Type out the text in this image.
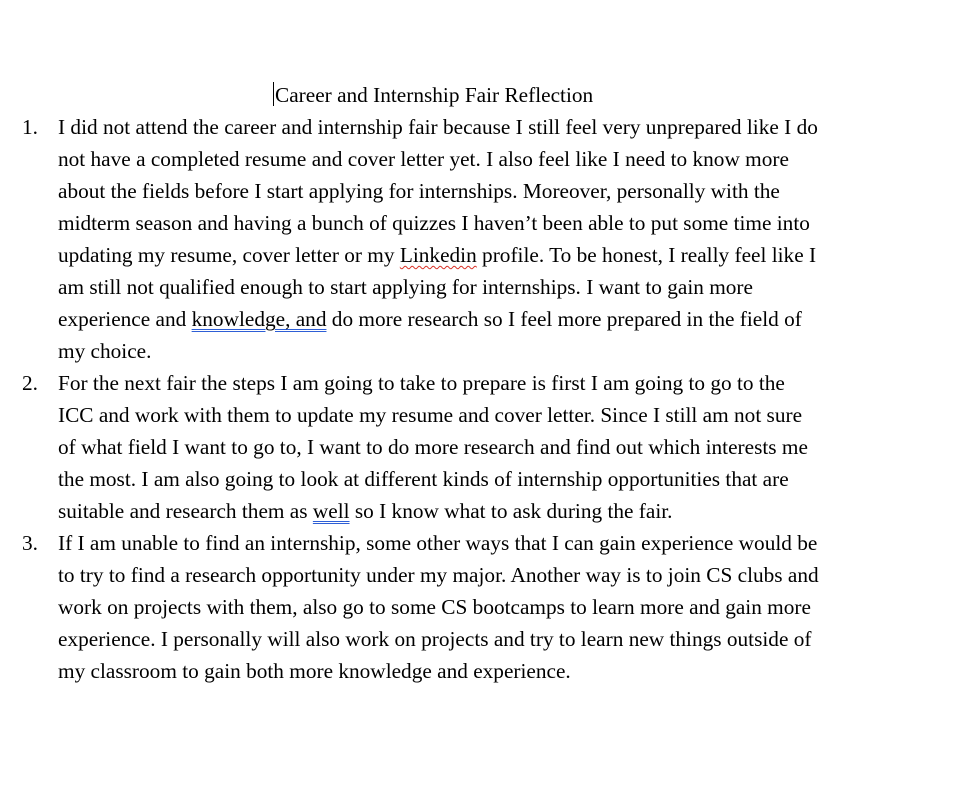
Career and Internship Fair Reflection
1. I did not attend the career and internship fair because I still feel very unprepared like I do
not have a completed resume and cover letter yet. I also feel like I need to know more
about the fields before I start applying for internships. Moreover, personally with the
midterm season and having a bunch of quizzes I haven’t been able to put some time into
updating my resume, cover letter or my Linkedin profile. To be honest, I really feel like I
am still not qualified enough to start applying for internships. I want to gain more
experience and knowledge, and do more research so I feel more prepared in the field of
my choice.
2. For the next fair the steps I am going to take to prepare is first I am going to go to the
ICC and work with them to update my resume and cover letter. Since I still am not sure
of what field I want to go to, I want to do more research and find out which interests me
the most. I am also going to look at different kinds of internship opportunities that are
suitable and research them as well so I know what to ask during the fair.
3. If I am unable to find an internship, some other ways that I can gain experience would be
to try to find a research opportunity under my major. Another way is to join CS clubs and
work on projects with them, also go to some CS bootcamps to learn more and gain more
experience. I personally will also work on projects and try to learn new things outside of
my classroom to gain both more knowledge and experience.
